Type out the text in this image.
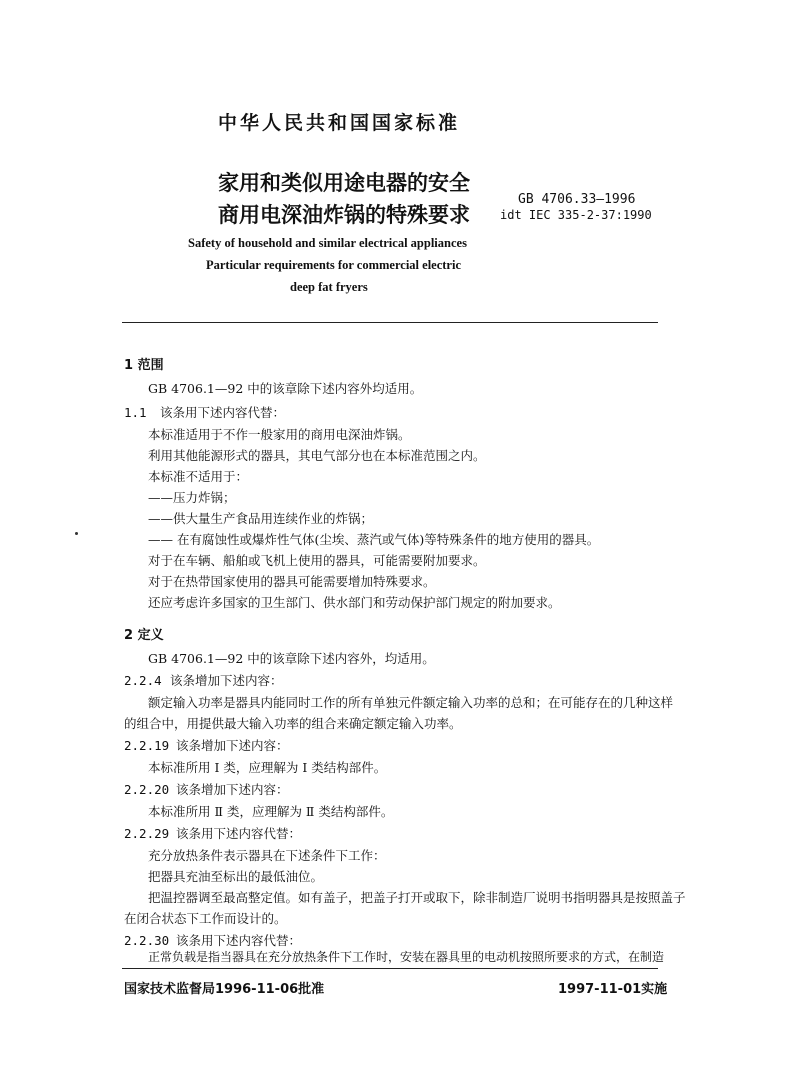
中华人民共和国国家标准
家用和类似用途电器的安全
商用电深油炸锅的特殊要求
GB 4706.33—1996
idt IEC 335-2-37:1990
Safety of household and similar electrical appliances
Particular requirements for commercial electric
deep fat fryers
1 范围
GB 4706.1—92 中的该章除下述内容外均适用。
1.1 该条用下述内容代替：
本标准适用于不作一般家用的商用电深油炸锅。
利用其他能源形式的器具，其电气部分也在本标准范围之内。
本标准不适用于：
——压力炸锅；
——供大量生产食品用连续作业的炸锅；
—— 在有腐蚀性或爆炸性气体(尘埃、蒸汽或气体)等特殊条件的地方使用的器具。
对于在车辆、船舶或飞机上使用的器具，可能需要附加要求。
对于在热带国家使用的器具可能需要增加特殊要求。
还应考虑许多国家的卫生部门、供水部门和劳动保护部门规定的附加要求。
2 定义
GB 4706.1—92 中的该章除下述内容外，均适用。
2.2.4 该条增加下述内容：
额定输入功率是器具内能同时工作的所有单独元件额定输入功率的总和；在可能存在的几种这样
的组合中，用提供最大输入功率的组合来确定额定输入功率。
2.2.19 该条增加下述内容：
本标准所用 Ⅰ 类，应理解为 Ⅰ 类结构部件。
2.2.20 该条增加下述内容：
本标准所用 Ⅱ 类，应理解为 Ⅱ 类结构部件。
2.2.29 该条用下述内容代替：
充分放热条件表示器具在下述条件下工作：
把器具充油至标出的最低油位。
把温控器调至最高整定值。如有盖子，把盖子打开或取下，除非制造厂说明书指明器具是按照盖子
在闭合状态下工作而设计的。
2.2.30 该条用下述内容代替：
正常负载是指当器具在充分放热条件下工作时，安装在器具里的电动机按照所要求的方式，在制造
国家技术监督局1996-11-06批准	1997-11-01实施
